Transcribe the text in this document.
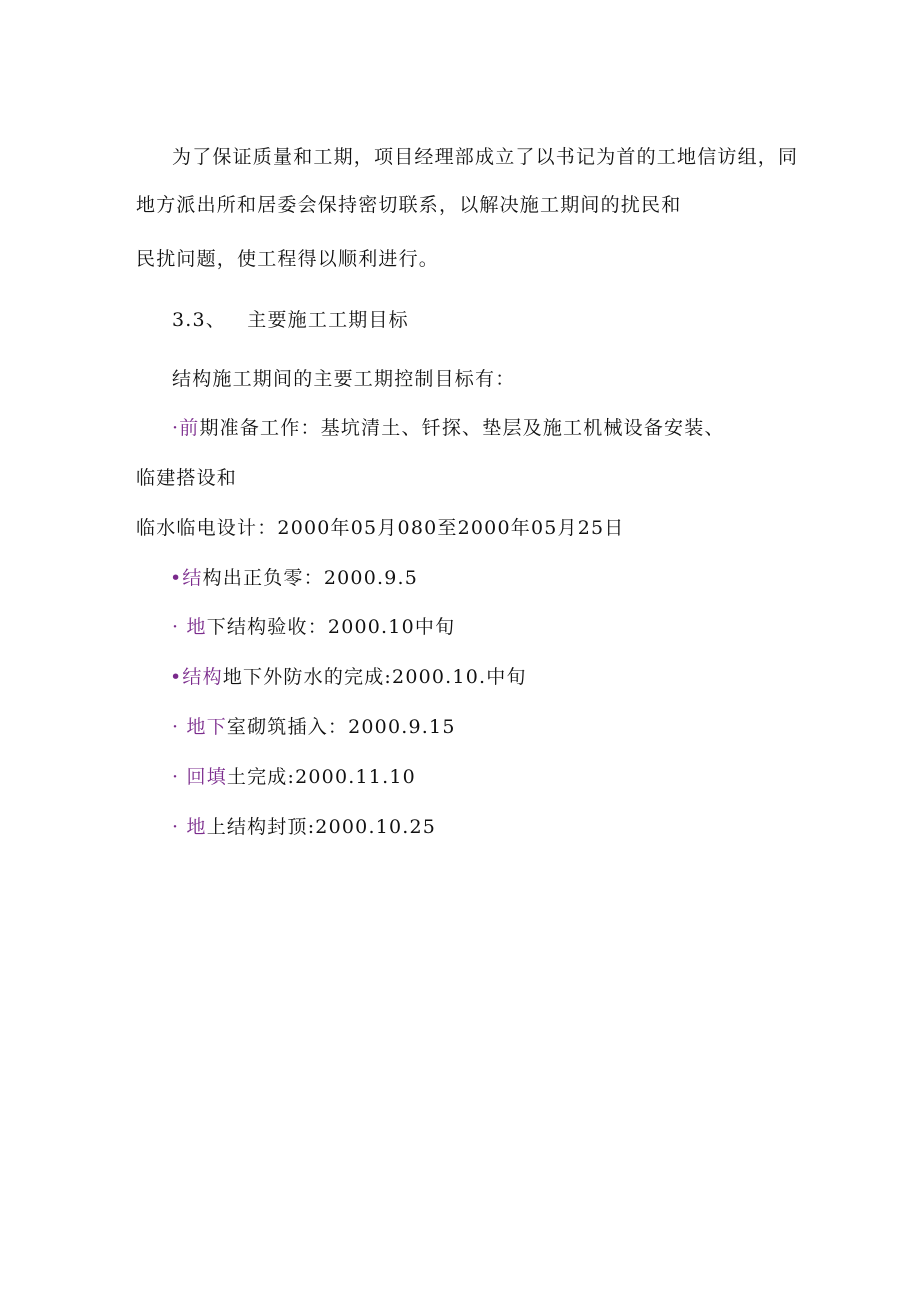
为了保证质量和工期，项目经理部成立了以书记为首的工地信访组，同
地方派出所和居委会保持密切联系，以解决施工期间的扰民和
民扰问题，使工程得以顺利进行。
3.3、 主要施工工期目标
结构施工期间的主要工期控制目标有：
·前期准备工作：基坑清土、钎探、垫层及施工机械设备安装、
临建搭设和
临水临电设计：2000年05月080至2000年05月25日
•结构出正负零：2000.9.5
· 地下结构验收：2000.10中旬
•结构地下外防水的完成:2000.10.中旬
· 地下室砌筑插入：2000.9.15
· 回填土完成:2000.11.10
· 地上结构封顶:2000.10.25
